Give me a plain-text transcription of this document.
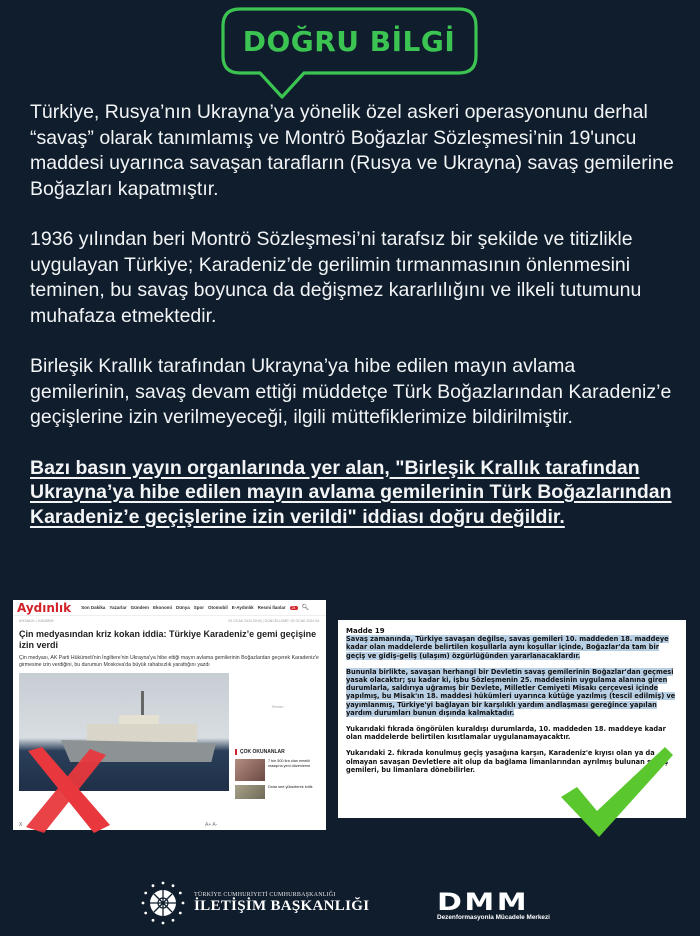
DOĞRU BİLGİ

Türkiye, Rusya’nın Ukrayna’ya yönelik özel askeri operasyonunu derhal “savaş” olarak tanımlamış ve Montrö Boğazlar Sözleşmesi’nin 19'uncu maddesi uyarınca savaşan tarafların (Rusya ve Ukrayna) savaş gemilerine Boğazları kapatmıştır.

1936 yılından beri Montrö Sözleşmesi’ni tarafsız bir şekilde ve titizlikle uygulayan Türkiye; Karadeniz’de gerilimin tırmanmasının önlenmesini teminen, bu savaş boyunca da değişmez kararlılığını ve ilkeli tutumunu muhafaza etmektedir.

Birleşik Krallık tarafından Ukrayna’ya hibe edilen mayın avlama gemilerinin, savaş devam ettiği müddetçe Türk Boğazlarından Karadeniz’e geçişlerine izin verilmeyeceği, ilgili müttefiklerimize bildirilmiştir.

Bazı basın yayın organlarında yer alan, "Birleşik Krallık tarafından Ukrayna’ya hibe edilen mayın avlama gemilerinin Türk Boğazlarından Karadeniz’e geçişlerine izin verildi" iddiası doğru değildir.

Aydınlık Son Dakika Yazarlar Gündem Ekonomi Dünya Spor Otomobil E-Aydınlık Resmi İlanlar	24	🔍︎
AYDINLIK • GÜNDEM	02 OCAK 2024 00:00 | GÜNCELLEME: 02 OCAK 2024 00:
Çin medyasından kriz kokan iddia: Türkiye Karadeniz’e gemi geçişine izin verdi
Çin medyası, AK Parti Hükümeti'nin İngiltere'nin Ukrayna'ya hibe ettiği mayın avlama gemilerinin Boğazlardan geçerek Karadeniz'e girmesine izin verdiğini, bu durumun Moskova'da büyük rahatsızlık yarattığını yazdı
Reklam
ÇOK OKUNANLAR
7 bin 500 lira olan emekli maaşına yeni düzenleme
Dolar sert yükselerek kritik
X	A+ A-
Madde 19
Savaş zamanında, Türkiye savaşan değilse, savaş gemileri 10. maddeden 18. maddeye kadar olan maddelerde belirtilen koşullarla aynı koşullar içinde, Boğazlar'da tam bir geçiş ve gidiş-geliş (ulaşım) özgürlüğünden yararlanacaklardır.
Bununla birlikte, savaşan herhangi bir Devletin savaş gemilerinin Boğazlar'dan geçmesi yasak olacaktır; şu kadar ki, işbu Sözleşmenin 25. maddesinin uygulama alanına giren durumlarla, saldırıya uğramış bir Devlete, Milletler Cemiyeti Misakı çerçevesi içinde yapılmış, bu Misak'ın 18. maddesi hükümleri uyarınca kütüğe yazılmış (tescil edilmiş) ve yayımlanmış, Türkiye'yi bağlayan bir karşılıklı yardım andlaşması gereğince yapılan yardım durumları bunun dışında kalmaktadır.
Yukarıdaki fıkrada öngörülen kuraldışı durumlarda, 10. maddeden 18. maddeye kadar olan maddelerde belirtilen kısıtlamalar uygulanamayacaktır.
Yukarıdaki 2. fıkrada konulmuş geçiş yasağına karşın, Karadeniz'e kıyısı olan ya da olmayan savaşan Devletlere ait olup da bağlama limanlarından ayrılmış bulunan savaş gemileri, bu limanlara dönebilirler.
TÜRKİYE CUMHURİYETİ CUMHURBAŞKANLIĞI
İLETİŞİM BAŞKANLIĞI	DMM
Dezenformasyonla Mücadele Merkezi
